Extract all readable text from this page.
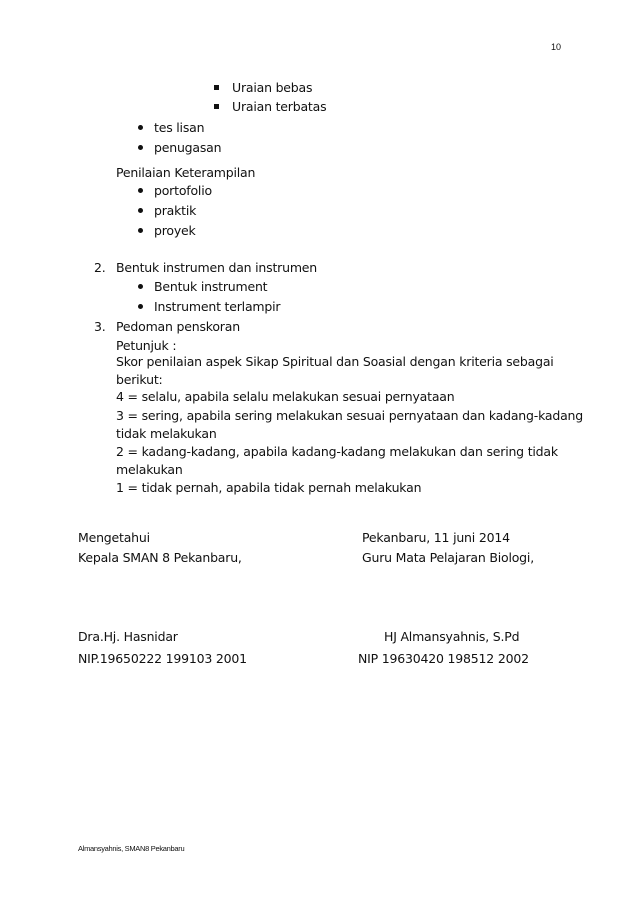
10
Uraian bebas
Uraian terbatas
tes lisan
penugasan
Penilaian Keterampilan
portofolio
praktik
proyek
2. Bentuk instrumen dan instrumen
Bentuk instrument
Instrument terlampir
3. Pedoman penskoran
Petunjuk :
Skor penilaian aspek Sikap Spiritual dan Soasial dengan kriteria sebagai
berikut:
4 = selalu, apabila selalu melakukan sesuai pernyataan
3 = sering, apabila sering melakukan sesuai pernyataan dan kadang-kadang
tidak melakukan
2 = kadang-kadang, apabila kadang-kadang melakukan dan sering tidak
melakukan
1 = tidak pernah, apabila tidak pernah melakukan
Mengetahui
Kepala SMAN 8 Pekanbaru,
Pekanbaru, 11 juni 2014
Guru Mata Pelajaran Biologi,
Dra.Hj. Hasnidar
NIP.19650222 199103 2001
HJ Almansyahnis, S.Pd
NIP 19630420 198512 2002
Almansyahnis, SMAN8 Pekanbaru
